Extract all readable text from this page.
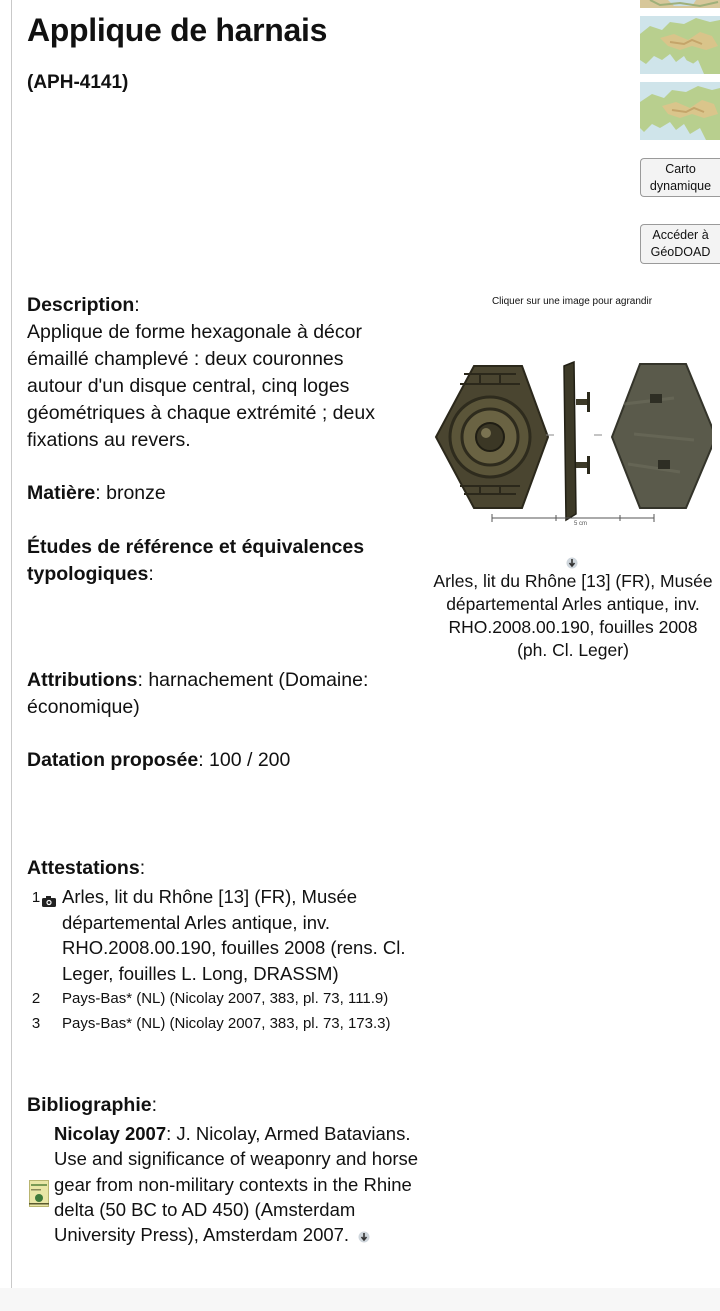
Applique de harnais
(APH-4141)
Carto
dynamique
Accéder à
GéoDOAD
Description:
Applique de forme hexagonale à décor émaillé champlevé : deux couronnes autour d'un disque central, cinq loges géométriques à chaque extrémité ; deux fixations au revers.
Matière: bronze
Études de référence et équivalences typologiques:
Attributions: harnachement (Domaine: économique)
Datation proposée: 100 / 200
Cliquer sur une image pour agrandir
5 cm
Arles, lit du Rhône [13] (FR), Musée départemental Arles antique, inv. RHO.2008.00.190, fouilles 2008 (ph. Cl. Leger)
Attestations:
1 Arles, lit du Rhône [13] (FR), Musée départemental Arles antique, inv. RHO.2008.00.190, fouilles 2008 (rens. Cl. Leger, fouilles L. Long, DRASSM)
2 Pays-Bas* (NL) (Nicolay 2007, 383, pl. 73, 111.9)
3 Pays-Bas* (NL) (Nicolay 2007, 383, pl. 73, 173.3)
Bibliographie:
Nicolay 2007: J. Nicolay, Armed Batavians. Use and significance of weaponry and horse gear from non-military contexts in the Rhine delta (50 BC to AD 450) (Amsterdam University Press), Amsterdam 2007.
